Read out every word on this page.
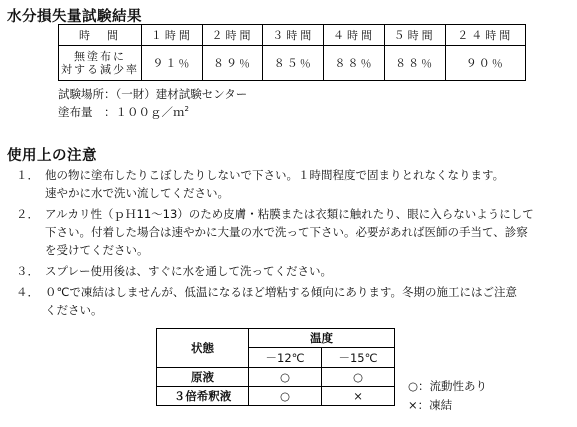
水分損失量試験結果
時　間	１時間	２時間	３時間	４時間	５時間	２４時間

無塗布に
対する減少率	９１％	８９％	８５％	８８％	８８％	９０％
試験場所：（一財）建材試験センター
塗布量　：１００ｇ／ｍ$^2$
使用上の注意
１． 他の物に塗布したりこぼしたりしないで下さい。１時間程度で固まりとれなくなります。
速やかに水で洗い流してください。
２． アルカリ性（ｐＨ11～13）のため皮膚・粘膜または衣類に触れたり、眼に入らないようにして
下さい。付着した場合は速やかに大量の水で洗って下さい。必要があれば医師の手当て、診察
を受けてください。
３． スプレー使用後は、すぐに水を通して洗ってください。
４． ０℃で凍結はしませんが、低温になるほど増粘する傾向にあります。冬期の施工にはご注意
ください。
状態	温度	
	－12℃	－15℃
原液	○	○
３倍希釈液	○	×
○：流動性あり
×：凍結
